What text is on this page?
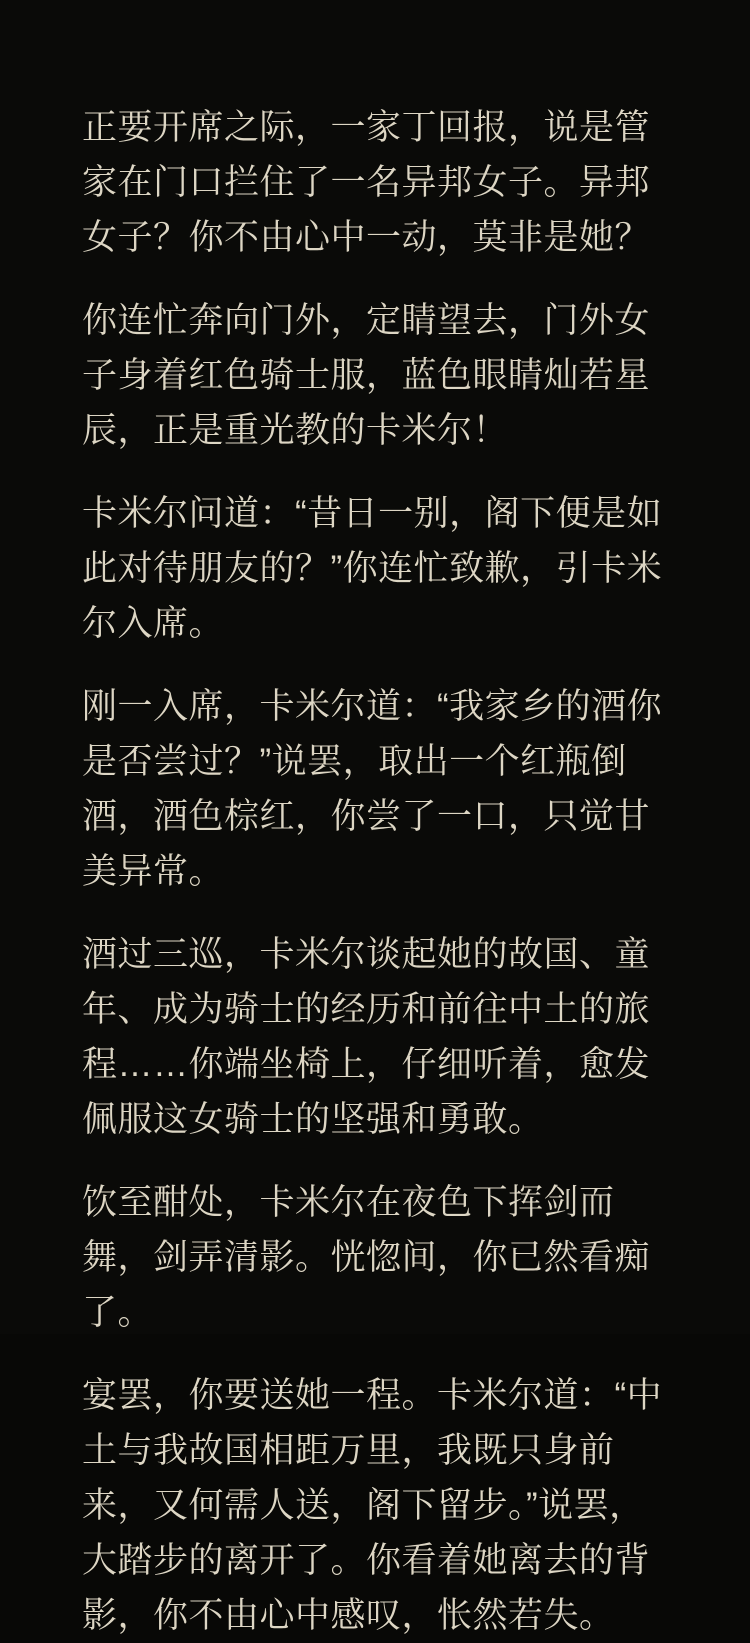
正要开席之际，一家丁回报，说是管家在门口拦住了一名异邦女子。异邦女子？你不由心中一动，莫非是她？

你连忙奔向门外，定睛望去，门外女子身着红色骑士服，蓝色眼睛灿若星辰，正是重光教的卡米尔！

卡米尔问道：“昔日一别，阁下便是如此对待朋友的？”你连忙致歉，引卡米尔入席。

刚一入席，卡米尔道：“我家乡的酒你是否尝过？”说罢，取出一个红瓶倒酒，酒色棕红，你尝了一口，只觉甘美异常。

酒过三巡，卡米尔谈起她的故国、童年、成为骑士的经历和前往中土的旅程……你端坐椅上，仔细听着，愈发佩服这女骑士的坚强和勇敢。

饮至酣处，卡米尔在夜色下挥剑而舞，剑弄清影。恍惚间，你已然看痴了。

宴罢，你要送她一程。卡米尔道：“中土与我故国相距万里，我既只身前来，又何需人送，阁下留步。”说罢，大踏步的离开了。你看着她离去的背影，你不由心中感叹，怅然若失。
